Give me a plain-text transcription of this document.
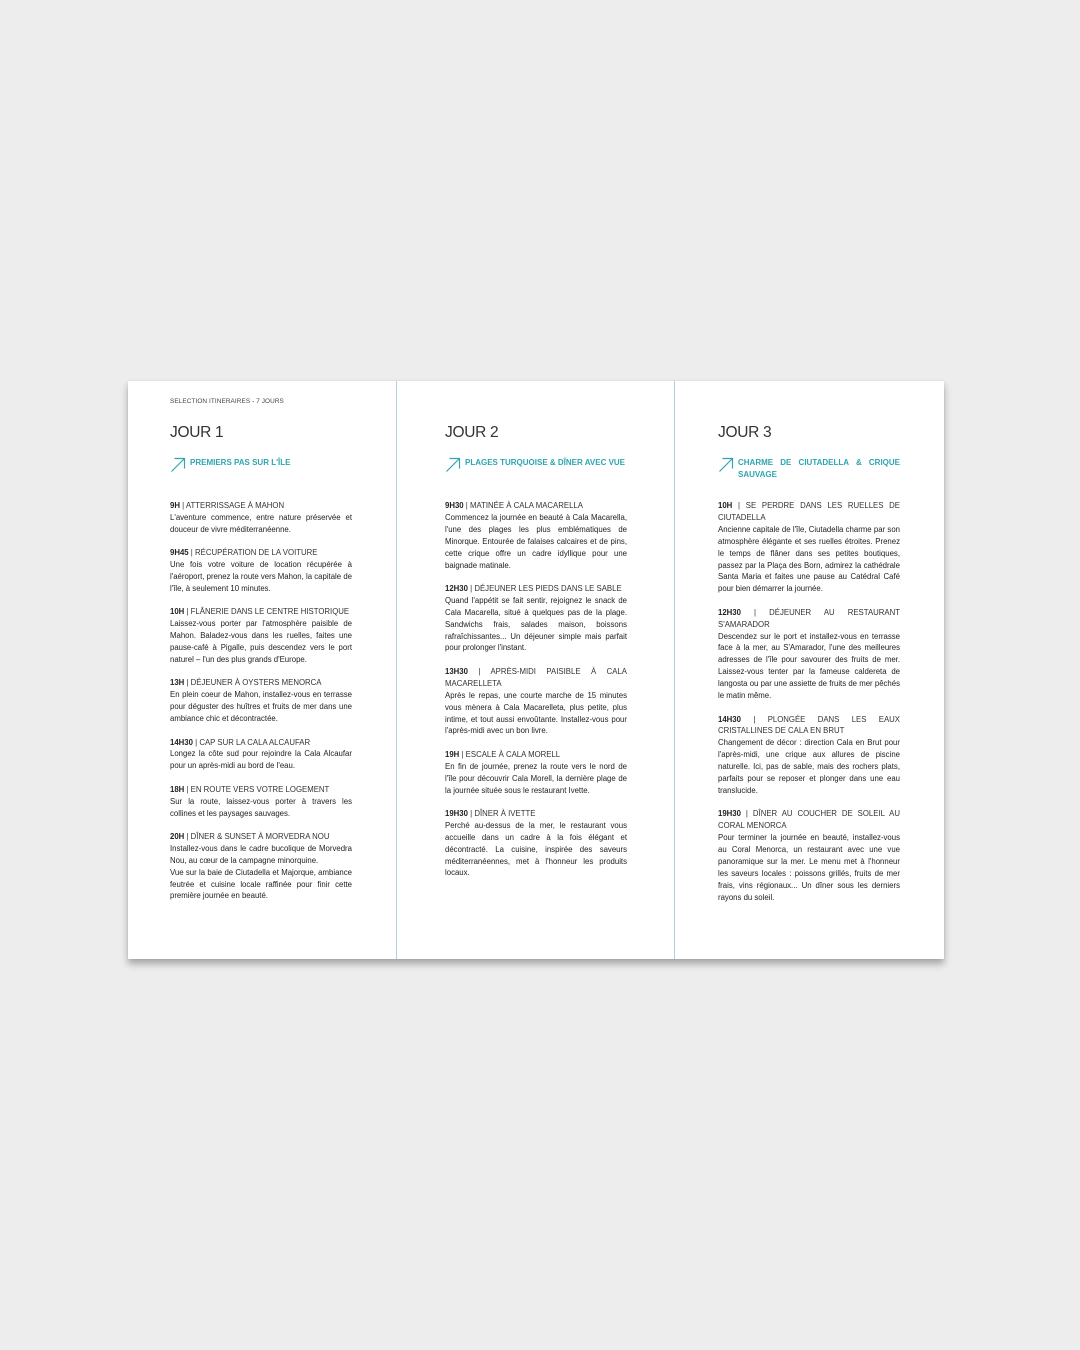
SELECTION ITINERAIRES - 7 JOURS
JOUR 1
PREMIERS PAS SUR L'ÎLE
9H | ATTERRISSAGE À MAHON
L'aventure commence, entre nature préservée et douceur de vivre méditerranéenne.
9H45 | RÉCUPÉRATION DE LA VOITURE
Une fois votre voiture de location récupérée à l'aéroport, prenez la route vers Mahon, la capitale de l'île, à seulement 10 minutes.
10H | FLÂNERIE DANS LE CENTRE HISTORIQUE
Laissez-vous porter par l'atmosphère paisible de Mahon. Baladez-vous dans les ruelles, faites une pause-café à Pigalle, puis descendez vers le port naturel – l'un des plus grands d'Europe.
13H | DÉJEUNER À OYSTERS MENORCA
En plein coeur de Mahon, installez-vous en terrasse pour déguster des huîtres et fruits de mer dans une ambiance chic et décontractée.
14H30 | CAP SUR LA CALA ALCAUFAR
Longez la côte sud pour rejoindre la Cala Alcaufar pour un après-midi au bord de l'eau.
18H | EN ROUTE VERS VOTRE LOGEMENT
Sur la route, laissez-vous porter à travers les collines et les paysages sauvages.
20H | DÎNER & SUNSET À MORVEDRA NOU
Installez-vous dans le cadre bucolique de Morvedra Nou, au cœur de la campagne minorquine.
Vue sur la baie de Ciutadella et Majorque, ambiance feutrée et cuisine locale raffinée pour finir cette première journée en beauté.
JOUR 2
PLAGES TURQUOISE & DÎNER AVEC VUE
9H30 | MATINÉE À CALA MACARELLA
Commencez la journée en beauté à Cala Macarella, l'une des plages les plus emblématiques de Minorque. Entourée de falaises calcaires et de pins, cette crique offre un cadre idyllique pour une baignade matinale.
12H30 | DÉJEUNER LES PIEDS DANS LE SABLE
Quand l'appétit se fait sentir, rejoignez le snack de Cala Macarella, situé à quelques pas de la plage. Sandwichs frais, salades maison, boissons rafraîchissantes... Un déjeuner simple mais parfait pour prolonger l'instant.
13H30 | APRÈS-MIDI PAISIBLE À CALA MACARELLETA
Après le repas, une courte marche de 15 minutes vous mènera à Cala Macarelleta, plus petite, plus intime, et tout aussi envoûtante. Installez-vous pour l'après-midi avec un bon livre.
19H | ESCALE À CALA MORELL
En fin de journée, prenez la route vers le nord de l'île pour découvrir Cala Morell, la dernière plage de la journée située sous le restaurant Ivette.
19H30 | DÎNER À IVETTE
Perché au-dessus de la mer, le restaurant vous accueille dans un cadre à la fois élégant et décontracté. La cuisine, inspirée des saveurs méditerranéennes, met à l'honneur les produits locaux.
JOUR 3
CHARME DE CIUTADELLA & CRIQUE SAUVAGE
10H | SE PERDRE DANS LES RUELLES DE CIUTADELLA
Ancienne capitale de l'île, Ciutadella charme par son atmosphère élégante et ses ruelles étroites. Prenez le temps de flâner dans ses petites boutiques, passez par la Plaça des Born, admirez la cathédrale Santa Maria et faites une pause au Catédral Café pour bien démarrer la journée.
12H30 | DÉJEUNER AU RESTAURANT S'AMARADOR
Descendez sur le port et installez-vous en terrasse face à la mer, au S'Amarador, l'une des meilleures adresses de l'île pour savourer des fruits de mer. Laissez-vous tenter par la fameuse caldereta de langosta ou par une assiette de fruits de mer pêchés le matin même.
14H30 | PLONGÉE DANS LES EAUX CRISTALLINES DE CALA EN BRUT
Changement de décor : direction Cala en Brut pour l'après-midi, une crique aux allures de piscine naturelle. Ici, pas de sable, mais des rochers plats, parfaits pour se reposer et plonger dans une eau translucide.
19H30 | DÎNER AU COUCHER DE SOLEIL AU CORAL MENORCA
Pour terminer la journée en beauté, installez-vous au Coral Menorca, un restaurant avec une vue panoramique sur la mer. Le menu met à l'honneur les saveurs locales : poissons grillés, fruits de mer frais, vins régionaux... Un dîner sous les derniers rayons du soleil.
